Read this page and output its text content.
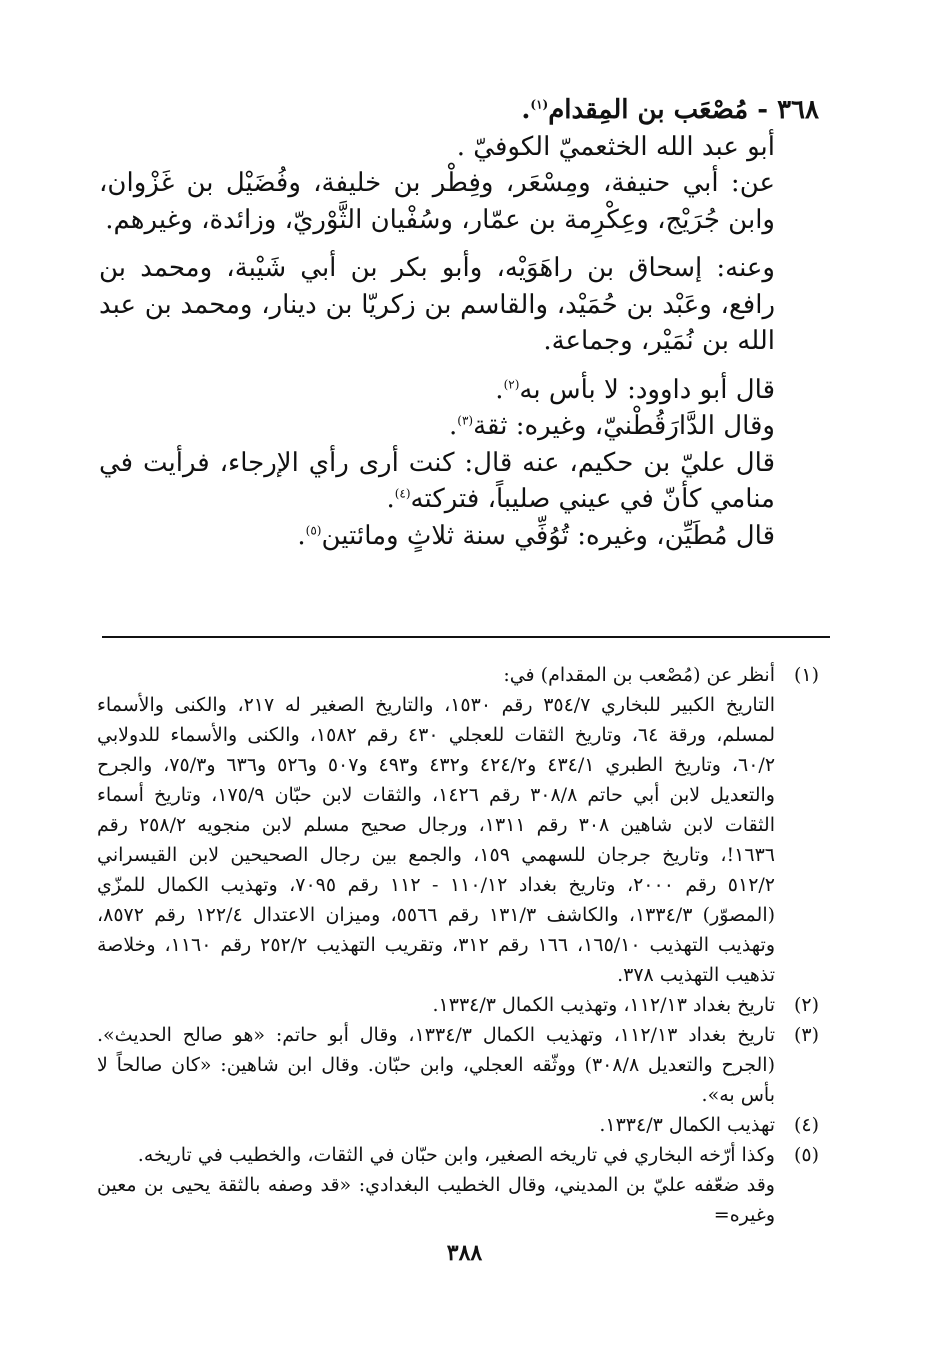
٣٦٨ - مُصْعَب بن المِقدام$^{(١)}$.

أبو عبد الله الخثعميّ الكوفيّ .

عن: أبي حنيفة، ومِسْعَر، وفِطْر بن خليفة، وفُضَيْل بن غَزْوان، وابن جُرَيْج، وعِكْرِمة بن عمّار، وسُفْيان الثَّوْريّ، وزائدة، وغيرهم.

وعنه: إسحاق بن راهَوَيْه، وأبو بكر بن أبي شَيْبة، ومحمد بن رافع، وعَبْد بن حُمَيْد، والقاسم بن زكريّا بن دينار، ومحمد بن عبد الله بن نُمَيْر، وجماعة.

قال أبو داوود: لا بأس به$^{(٢)}$.

وقال الدَّارَقُطْنيّ، وغيره: ثقة$^{(٣)}$.

قال عليّ بن حكيم، عنه قال: كنت أرى رأي الإرجاء، فرأيت في منامي كأنّ في عيني صليباً، فتركته$^{(٤)}$.

قال مُطَيِّن، وغيره: تُوُفِّي سنة ثلاثٍ ومائتين$^{(٥)}$.

(١)

أنظر عن (مُصْعب بن المقدام) في:

التاريخ الكبير للبخاري ٣٥٤/٧ رقم ١٥٣٠، والتاريخ الصغير له ٢١٧، والكنى والأسماء لمسلم، ورقة ٦٤، وتاريخ الثقات للعجلي ٤٣٠ رقم ١٥٨٢، والكنى والأسماء للدولابي ٦٠/٢، وتاريخ الطبري ٤٣٤/١ و٤٢٤/٢ و٤٣٢ و٤٩٣ و٥٠٧ و٥٢٦ و٦٣٦ و٧٥/٣، والجرح والتعديل لابن أبي حاتم ٣٠٨/٨ رقم ١٤٢٦، والثقات لابن حبّان ١٧٥/٩، وتاريخ أسماء الثقات لابن شاهين ٣٠٨ رقم ١٣١١، ورجال صحيح مسلم لابن منجويه ٢٥٨/٢ رقم ١٦٣٦!، وتاريخ جرجان للسهمي ١٥٩، والجمع بين رجال الصحيحين لابن القيسراني ٥١٢/٢ رقم ٢٠٠٠، وتاريخ بغداد ١١٠/١٢ - ١١٢ رقم ٧٠٩٥، وتهذيب الكمال للمزّي (المصوّر) ١٣٣٤/٣، والكاشف ١٣١/٣ رقم ٥٥٦٦، وميزان الاعتدال ١٢٢/٤ رقم ٨٥٧٢، وتهذيب التهذيب ١٦٥/١٠، ١٦٦ رقم ٣١٢، وتقريب التهذيب ٢٥٢/٢ رقم ١١٦٠، وخلاصة تذهيب التهذيب ٣٧٨.

(٢)

تاريخ بغداد ١١٢/١٣، وتهذيب الكمال ١٣٣٤/٣.

(٣)

تاريخ بغداد ١١٢/١٣، وتهذيب الكمال ١٣٣٤/٣، وقال أبو حاتم: «هو صالح الحديث». (الجرح والتعديل ٣٠٨/٨) ووثّقه العجلي، وابن حبّان. وقال ابن شاهين: «كان صالحاً لا بأس به».

(٤)

تهذيب الكمال ١٣٣٤/٣.

(٥)

وكذا أرّخه البخاري في تاريخه الصغير، وابن حبّان في الثقات، والخطيب في تاريخه.

وقد ضعّفه عليّ بن المديني، وقال الخطيب البغدادي: «قد وصفه بالثقة يحيى بن معين وغيره=

٣٨٨
